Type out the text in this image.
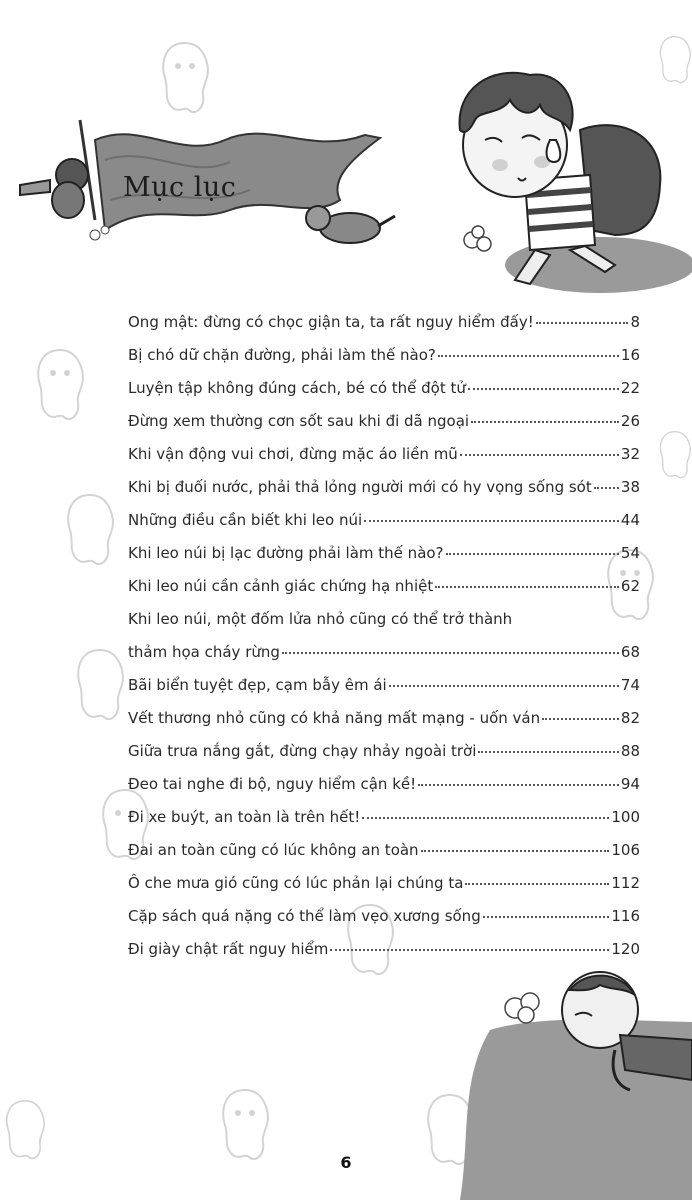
Mục lục
Ong mật: đừng có chọc giận ta, ta rất nguy hiểm đấy!	8
Bị chó dữ chặn đường, phải làm thế nào?	16
Luyện tập không đúng cách, bé có thể đột tử	22
Đừng xem thường cơn sốt sau khi đi dã ngoại	26
Khi vận động vui chơi, đừng mặc áo liền mũ	32
Khi bị đuối nước, phải thả lỏng người mới có hy vọng sống sót 38
Những điều cần biết khi leo núi	44
Khi leo núi bị lạc đường phải làm thế nào?	54
Khi leo núi cần cảnh giác chứng hạ nhiệt	62
Khi leo núi, một đốm lửa nhỏ cũng có thể trở thành
thảm họa cháy rừng	68
Bãi biển tuyệt đẹp, cạm bẫy êm ái	74
Vết thương nhỏ cũng có khả năng mất mạng - uốn ván	82
Giữa trưa nắng gắt, đừng chạy nhảy ngoài trời	88
Đeo tai nghe đi bộ, nguy hiểm cận kề!	94
Đi xe buýt, an toàn là trên hết!	100
Đai an toàn cũng có lúc không an toàn	106
Ô che mưa gió cũng có lúc phản lại chúng ta	112
Cặp sách quá nặng có thể làm vẹo xương sống	116
Đi giày chật rất nguy hiểm	120
6
